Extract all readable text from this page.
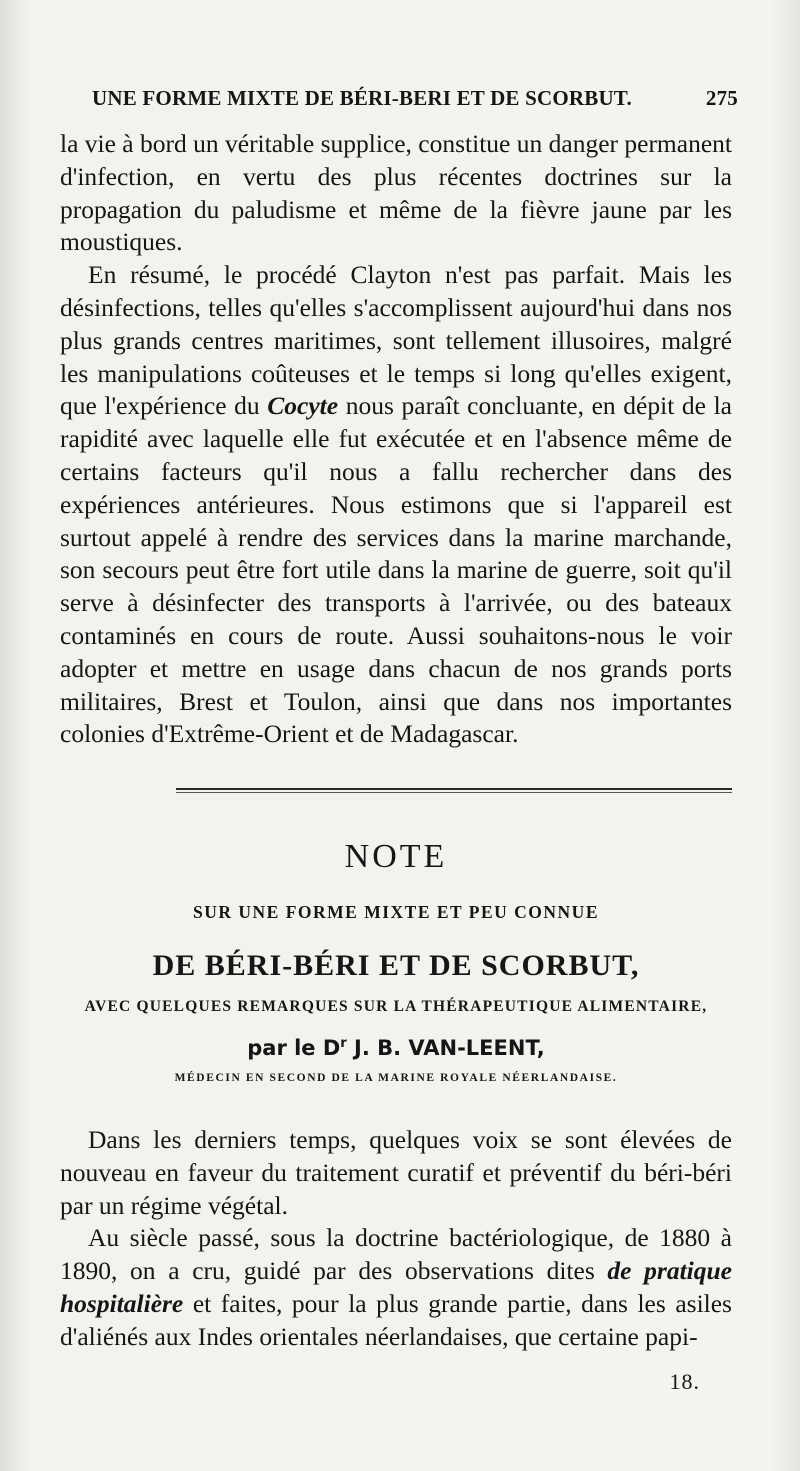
UNE FORME MIXTE DE BÉRI-BERI ET DE SCORBUT.	275

la vie à bord un véritable supplice, constitue un danger permanent d'infection, en vertu des plus récentes doctrines sur la propagation du paludisme et même de la fièvre jaune par les moustiques.

En résumé, le procédé Clayton n'est pas parfait. Mais les désinfections, telles qu'elles s'accomplissent aujourd'hui dans nos plus grands centres maritimes, sont tellement illusoires, malgré les manipulations coûteuses et le temps si long qu'elles exigent, que l'expérience du Cocyte nous paraît concluante, en dépit de la rapidité avec laquelle elle fut exécutée et en l'absence même de certains facteurs qu'il nous a fallu rechercher dans des expériences antérieures. Nous estimons que si l'appareil est surtout appelé à rendre des services dans la marine marchande, son secours peut être fort utile dans la marine de guerre, soit qu'il serve à désinfecter des transports à l'arrivée, ou des bateaux contaminés en cours de route. Aussi souhaitons-nous le voir adopter et mettre en usage dans chacun de nos grands ports militaires, Brest et Toulon, ainsi que dans nos importantes colonies d'Extrême-Orient et de Madagascar.

NOTE
SUR UNE FORME MIXTE ET PEU CONNUE
DE BÉRI-BÉRI ET DE SCORBUT,
AVEC QUELQUES REMARQUES SUR LA THÉRAPEUTIQUE ALIMENTAIRE,
par le $D^r$ J. B. VAN-LEENT,
MÉDECIN EN SECOND DE LA MARINE ROYALE NÉERLANDAISE.

Dans les derniers temps, quelques voix se sont élevées de nouveau en faveur du traitement curatif et préventif du béri-béri par un régime végétal.

Au siècle passé, sous la doctrine bactériologique, de 1880 à 1890, on a cru, guidé par des observations dites de pratique hospitalière et faites, pour la plus grande partie, dans les asiles d'aliénés aux Indes orientales néerlandaises, que certaine papi-

18.
